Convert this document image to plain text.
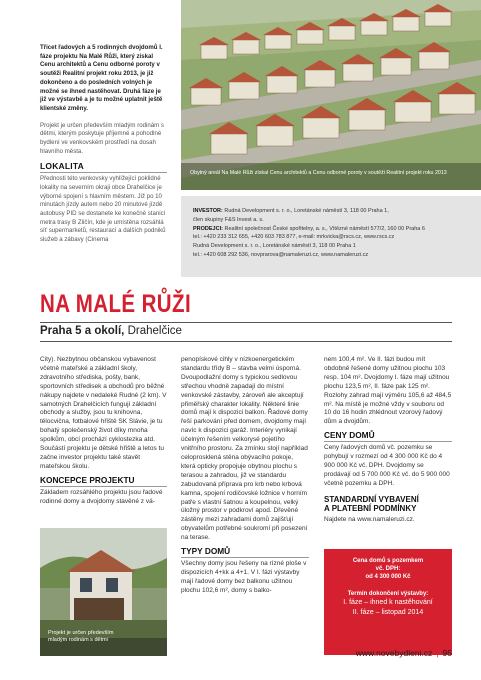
Třicet řadových a 5 rodinných dvojdomů I. fáze projektu Na Malé Růži, který získal Cenu architektů a Cenu odborné poroty v soutěži Realitní projekt roku 2013, je již dokončeno a do posledních volných je možné se ihned nastěhovat. Druhá fáze je již ve výstavbě a je tu možné uplatnit ještě klientské změny.
Projekt je určen především mladým rodinám s dětmi, kterým poskytuje příjemné a pohodlné bydlení ve venkovském prostředí na dosah hlavního města.
LOKALITA
Přednosti této venkovsky vyhlížející poklidné lokality na severním okraji obce Drahelčice je výborné spojení s hlavním městem. Již po 10 minutách jízdy autem nebo 20 minutové jízdě autobusy PID se dostanete ke konečné stanici metra trasy B Zličín, kde je umístěna rozsáhlá síť supermarketů, restaurací a dalších podniků služeb a zábavy (Cinema
Obytný areál Na Malé Růži získal Cenu architektů a Cenu odborné poroty v soutěži Realitní projekt roku 2013
INVESTOR: Rudná Development s. r. o., Loretánské náměstí 3, 118 00 Praha 1,
člen skupiny F&S Invest a. s.
PRODEJCI: Realitní společnost České spořitelny, a. s., Vítězné náměstí 577/2, 160 00 Praha 6
tel.: +420 233 312 655, +420 603 783 877, e-mail: mrkvicka@rscs.cz, www.rscs.cz
Rudná Development s. r. o., Loretánské náměstí 3, 118 00 Praha 1
tel.: +420 608 292 536, novprarova@namaleruzi.cz, www.namaleruzi.cz
NA MALÉ RŮŽI
Praha 5 a okolí, Drahelčice
City). Nezbytnou občanskou vybavenost včetně mateřské a základní školy, zdravotního střediska, pošty, bank, sportovních středisek a obchodů pro běžné nákupy najdete v nedaleké Rudné (2 km). V samotných Drahelčicích fungují základní obchody a služby, jsou tu knihovna, tělocvična, fotbalové hřiště SK Slávie, je tu bohatý společenský život díky mnoha spolkům, obcí prochází cyklostezka atd. Součástí projektu je dětské hřiště a letos tu začne investor projektu také stavět mateřskou školu.
KONCEPCE PROJEKTU
Základem rozsáhlého projektu jsou řadové rodinné domy a dvojdomy stavěné z vá-
Projekt je určen především mladým rodinám s dětmi
penopískové cihly v nízkoenergetickém standardu třídy B – stavba velmi úsporná. Dvoupodlažní domy s typickou sedlovou střechou vhodně zapadají do místní venkovské zástavby, zároveň ale akceptují přiměřský charakter lokality. Některé linie domů mají k dispozici balkon. Řadové domy řeší parkování před domem, dvojdomy mají navíc k dispozici garáž. Interiéry vynikají účelným řešením velkorysé pojetího vnitřního prostoru. Za zmínku stojí například celoprosklená stěna obývacího pokoje, která opticky propojuje obytnou plochu s terasou a zahradou, již ve standardu zabudovaná příprava pro krb nebo krbová kamna, spojení rodičovské ložnice v horním patře s vlastní šatnou a koupelnou, velký úložný prostor v podkroví apod. Dřevěné zástěny mezi zahradami domů zajišťují obyvatelům potřebné soukromí při posezení na terase.
TYPY DOMŮ
Všechny domy jsou řešeny na rízné ploše v dispozicích 4+kk a 4+1. V I. fázi výstavby mají řadové domy bez balkonu užitnou plochu 102,6 m², domy s balko-
nem 100,4 m². Ve II. fázi budou mít obdobně řešené domy užitnou plochu 103 resp. 104 m². Dvojdomy I. fáze mají užitnou plochu 123,5 m², II. fáze pak 125 m². Rozlohy zahrad mají výměru 105,6 až 484,5 m². Na místě je možné vždy v souboru od 10 do 16 hodin zhlédnout vzorový řadový dům a dvojdům.
CENY DOMŮ
Ceny řadových domů vč. pozemku se pohybují v rozmezí od 4 300 000 Kč do 4 900 000 Kč vč. DPH. Dvojdomy se prodávají od 5 700 000 Kč vč. do 5 900 000 včetně pozemku a DPH.
STANDARDNÍ VYBAVENÍ
A PLATEBNÍ PODMÍNKY
Najdete na www.namaleruzi.cz.
Cena domů s pozemkem
vč. DPH:
od 4 300 000 Kč
Termín dokončení výstavby:
I. fáze – ihned k nastěhování
II. fáze – listopad 2014
www.novebydleni.cz | 95
